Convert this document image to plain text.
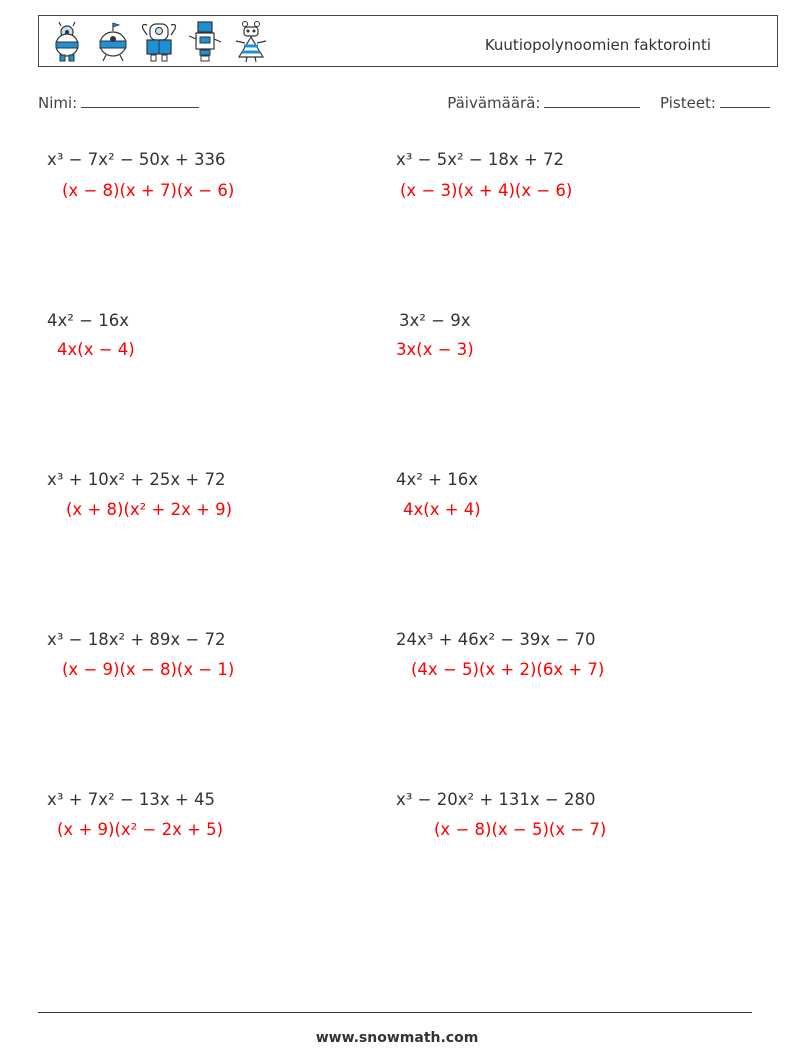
Kuutiopolynoomien faktorointi
Nimi:	Päivämäärä:	Pisteet:
x³ − 7x² − 50x + 336
(x − 8)(x + 7)(x − 6)
x³ − 5x² − 18x + 72
(x − 3)(x + 4)(x − 6)
4x² − 16x
4x(x − 4)
3x² − 9x
3x(x − 3)
x³ + 10x² + 25x + 72
(x + 8)(x² + 2x + 9)
4x² + 16x
4x(x + 4)
x³ − 18x² + 89x − 72
(x − 9)(x − 8)(x − 1)
24x³ + 46x² − 39x − 70
(4x − 5)(x + 2)(6x + 7)
x³ + 7x² − 13x + 45
(x + 9)(x² − 2x + 5)
x³ − 20x² + 131x − 280
(x − 8)(x − 5)(x − 7)
www.snowmath.com
